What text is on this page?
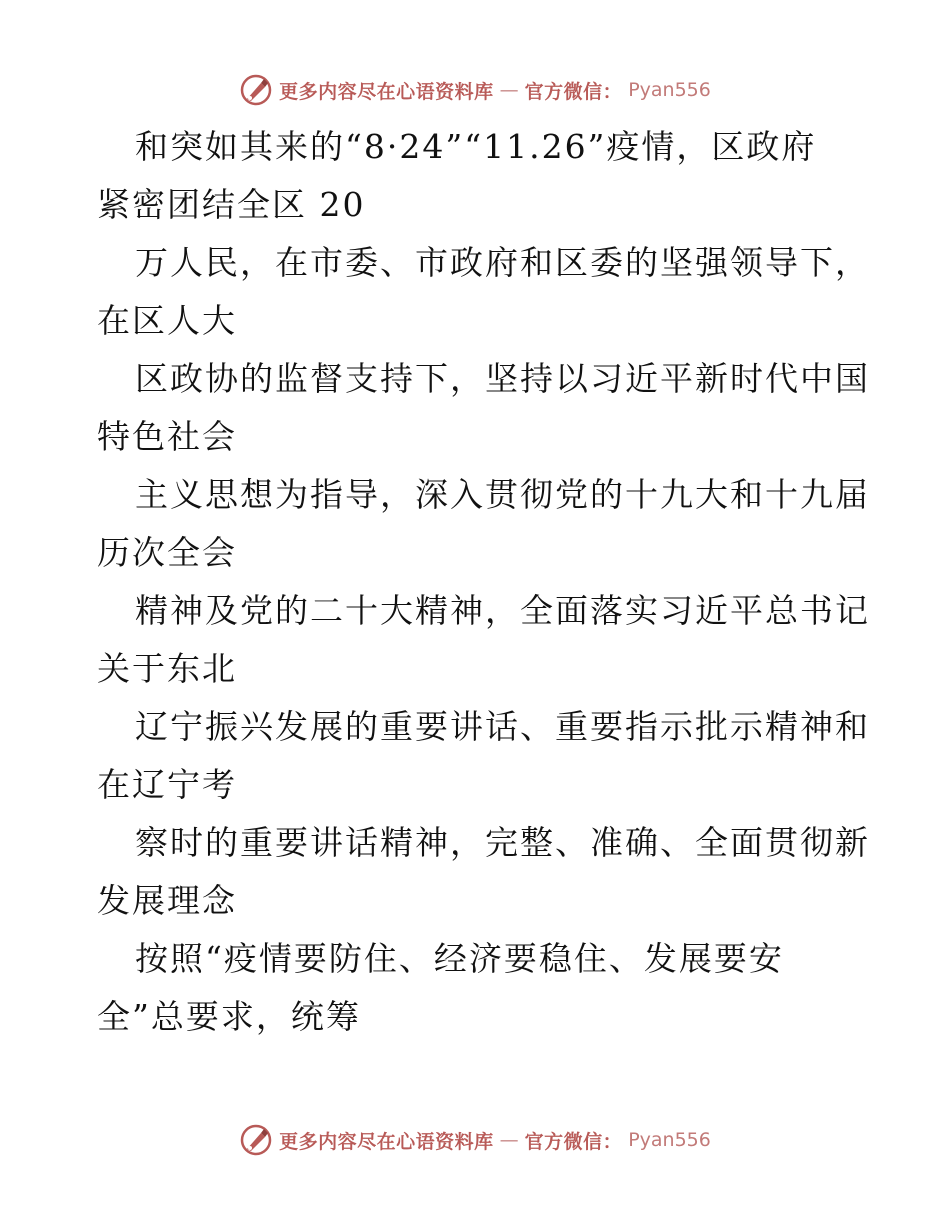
更多内容尽在心语资料库 — 官方微信： Pyan556
和突如其来的“8·24”“11.26”疫情，区政府
紧密团结全区 20
万人民，在市委、市政府和区委的坚强领导下，
在区人大
区政协的监督支持下，坚持以习近平新时代中国
特色社会
主义思想为指导，深入贯彻党的十九大和十九届
历次全会
精神及党的二十大精神，全面落实习近平总书记
关于东北
辽宁振兴发展的重要讲话、重要指示批示精神和
在辽宁考
察时的重要讲话精神，完整、准确、全面贯彻新
发展理念
按照“疫情要防住、经济要稳住、发展要安
全”总要求，统筹
更多内容尽在心语资料库 — 官方微信： Pyan556
